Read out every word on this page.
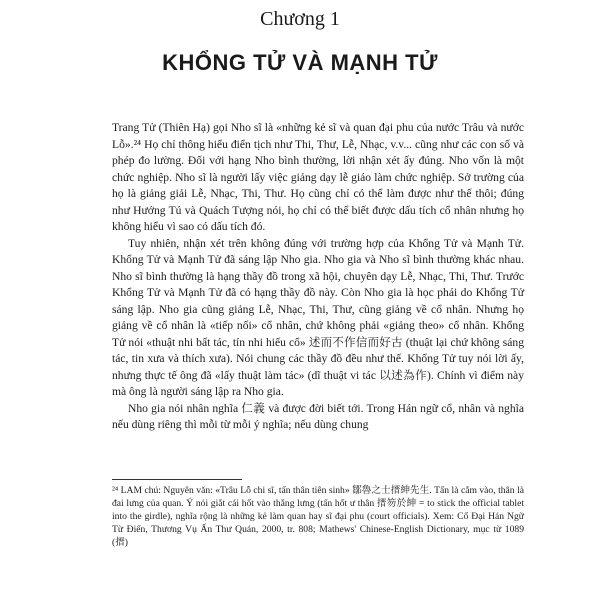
Chương 1
KHỔNG TỬ VÀ MẠNH TỬ

Trang Tử (Thiên Hạ) gọi Nho sĩ là «những kẻ sĩ và quan đại phu của nước Trâu và nước Lỗ».²⁴ Họ chỉ thông hiểu điển tịch như Thi, Thư, Lễ, Nhạc, v.v... cũng như các con số và phép đo lường. Đối với hạng Nho bình thường, lời nhận xét ấy đúng. Nho vốn là một chức nghiệp. Nho sĩ là người lấy việc giảng dạy lễ giáo làm chức nghiệp. Sở trường của họ là giảng giải Lễ, Nhạc, Thi, Thư. Họ cũng chỉ có thể làm được như thế thôi; đúng như Hướng Tú và Quách Tượng nói, họ chỉ có thể biết được dấu tích cổ nhân nhưng họ không hiểu vì sao có dấu tích đó.

Tuy nhiên, nhận xét trên không đúng với trường hợp của Khổng Tử và Mạnh Tử. Khổng Tử và Mạnh Tử đã sáng lập Nho gia. Nho gia và Nho sĩ bình thường khác nhau. Nho sĩ bình thường là hạng thầy đồ trong xã hội, chuyên dạy Lễ, Nhạc, Thi, Thư. Trước Khổng Tử và Mạnh Tử đã có hạng thầy đồ này. Còn Nho gia là học phái do Khổng Tử sáng lập. Nho gia cũng giảng Lễ, Nhạc, Thi, Thư, cũng giảng về cổ nhân. Nhưng họ giảng về cổ nhân là «tiếp nối» cổ nhân, chứ không phải «giảng theo» cổ nhân. Khổng Tử nói «thuật nhi bất tác, tín nhi hiếu cổ» 述而不作信而好古 (thuật lại chứ không sáng tác, tin xưa và thích xưa). Nói chung các thầy đồ đều như thế. Khổng Tử tuy nói lời ấy, nhưng thực tế ông đã «lấy thuật làm tác» (dĩ thuật vi tác 以述為作). Chính vì điểm này mà ông là người sáng lập ra Nho gia.

Nho gia nói nhân nghĩa 仁義 và được đời biết tới. Trong Hán ngữ cổ, nhân và nghĩa nếu dùng riêng thì mỗi từ mỗi ý nghĩa; nếu dùng chung

²⁴ LAM chú: Nguyên văn: «Trâu Lỗ chi sĩ, tấn thân tiên sinh» 鄒魯之士搢紳先生. Tấn là cắm vào, thân là đai lưng của quan. Ý nói giắt cái hốt vào thắng lưng (tấn hốt ư thân 搢笏於紳 = to stick the official tablet into the girdle), nghĩa rộng là những kẻ làm quan hay sĩ đại phu (court officials). Xem: Cổ Đại Hán Ngữ Từ Điển, Thương Vụ Ấn Thư Quán, 2000, tr. 808; Mathews' Chinese-English Dictionary, mục từ 1089 (搢)
